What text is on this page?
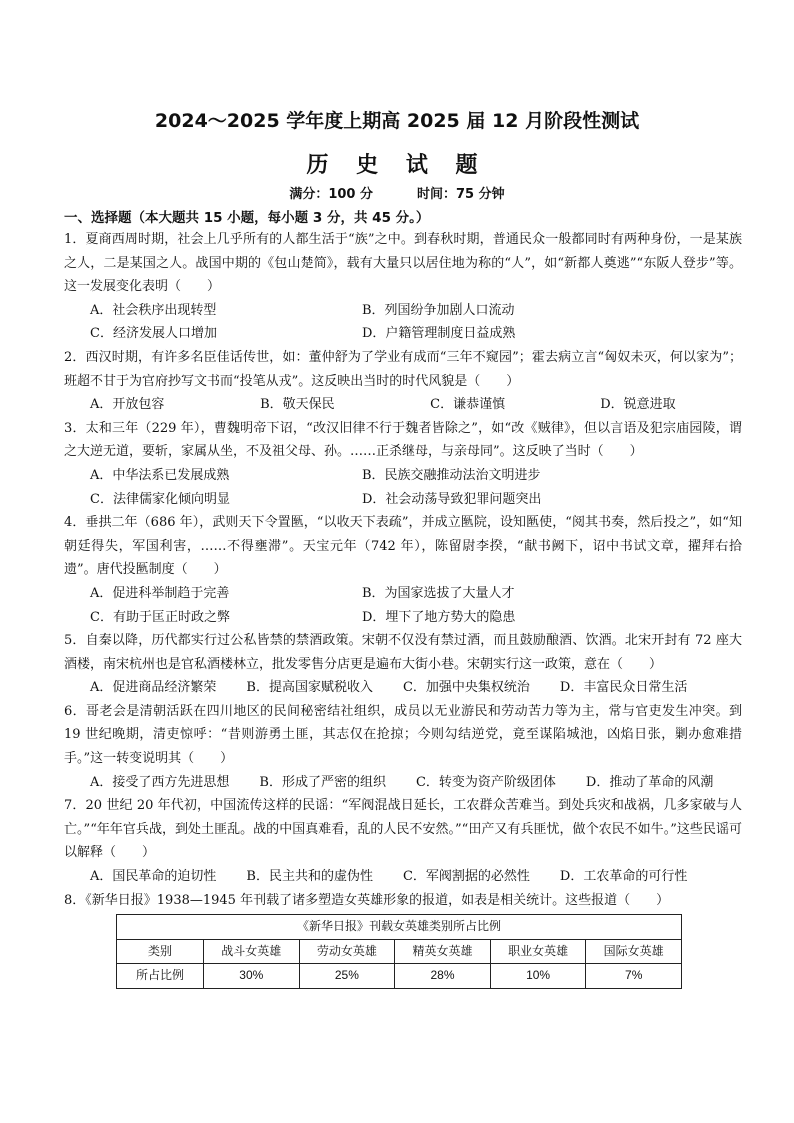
2024～2025 学年度上期高 2025 届 12 月阶段性测试
历 史 试 题
满分：100 分	时间：75 分钟
一、选择题（本大题共 15 小题，每小题 3 分，共 45 分。）
1．夏商西周时期，社会上几乎所有的人都生活于“族”之中。到春秋时期，普通民众一般都同时有两种身份，一是某族之人，二是某国之人。战国中期的《包山楚简》，载有大量只以居住地为称的“人”，如“新都人奠逃”“东阪人登步”等。这一发展变化表明（　　）
A．社会秩序出现转型	B．列国纷争加剧人口流动
C．经济发展人口增加	D．户籍管理制度日益成熟
2．西汉时期，有许多名臣佳话传世，如：董仲舒为了学业有成而“三年不窥园”；霍去病立言“匈奴未灭，何以家为”；班超不甘于为官府抄写文书而“投笔从戎”。这反映出当时的时代风貌是（　　）
A．开放包容	B．敬天保民	C．谦恭谨慎	D．锐意进取
3．太和三年（229 年），曹魏明帝下诏，“改汉旧律不行于魏者皆除之”，如“改《贼律》，但以言语及犯宗庙园陵，谓之大逆无道，要斩，家属从坐，不及祖父母、孙。……正杀继母，与亲母同”。这反映了当时（　　）
A．中华法系已发展成熟	B．民族交融推动法治文明进步
C．法律儒家化倾向明显	D．社会动荡导致犯罪问题突出
4．垂拱二年（686 年），武则天下令置匦，“以收天下表疏”，并成立匦院，设知匦使，“阅其书奏，然后投之”，如“知朝廷得失，军国利害，……不得壅滞”。天宝元年（742 年），陈留尉李揆，“献书阙下，诏中书试文章，擢拜右拾遗”。唐代投匦制度（　　）
A．促进科举制趋于完善	B．为国家选拔了大量人才
C．有助于匡正时政之弊	D．埋下了地方势大的隐患
5．自秦以降，历代都实行过公私皆禁的禁酒政策。宋朝不仅没有禁过酒，而且鼓励酿酒、饮酒。北宋开封有 72 座大酒楼，南宋杭州也是官私酒楼林立，批发零售分店更是遍布大街小巷。宋朝实行这一政策，意在（　　）
A．促进商品经济繁荣 B．提高国家赋税收入 C．加强中央集权统治 D．丰富民众日常生活
6．哥老会是清朝活跃在四川地区的民间秘密结社组织，成员以无业游民和劳动苦力等为主，常与官吏发生冲突。到 19 世纪晚期，清吏惊呼：“昔则游勇土匪，其志仅在抢掠；今则勾结逆党，竟至谋陷城池，凶焰日张，剿办愈难措手。”这一转变说明其（　　）
A．接受了西方先进思想 B．形成了严密的组织 C．转变为资产阶级团体 D．推动了革命的风潮
7．20 世纪 20 年代初，中国流传这样的民谣：“军阀混战日延长，工农群众苦难当。到处兵灾和战祸，几多家破与人亡。”“年年官兵战，到处土匪乱。战的中国真难看，乱的人民不安然。”“田产又有兵匪忧，做个农民不如牛。”这些民谣可以解释（　　）
A．国民革命的迫切性 B．民主共和的虚伪性 C．军阀割据的必然性 D．工农革命的可行性
8．《新华日报》1938—1945 年刊载了诸多塑造女英雄形象的报道，如表是相关统计。这些报道（　　）
《新华日报》刊载女英雄类别所占比例					
类别	战斗女英雄	劳动女英雄	精英女英雄	职业女英雄	国际女英雄
所占比例	30%	25%	28%	10%	7%
